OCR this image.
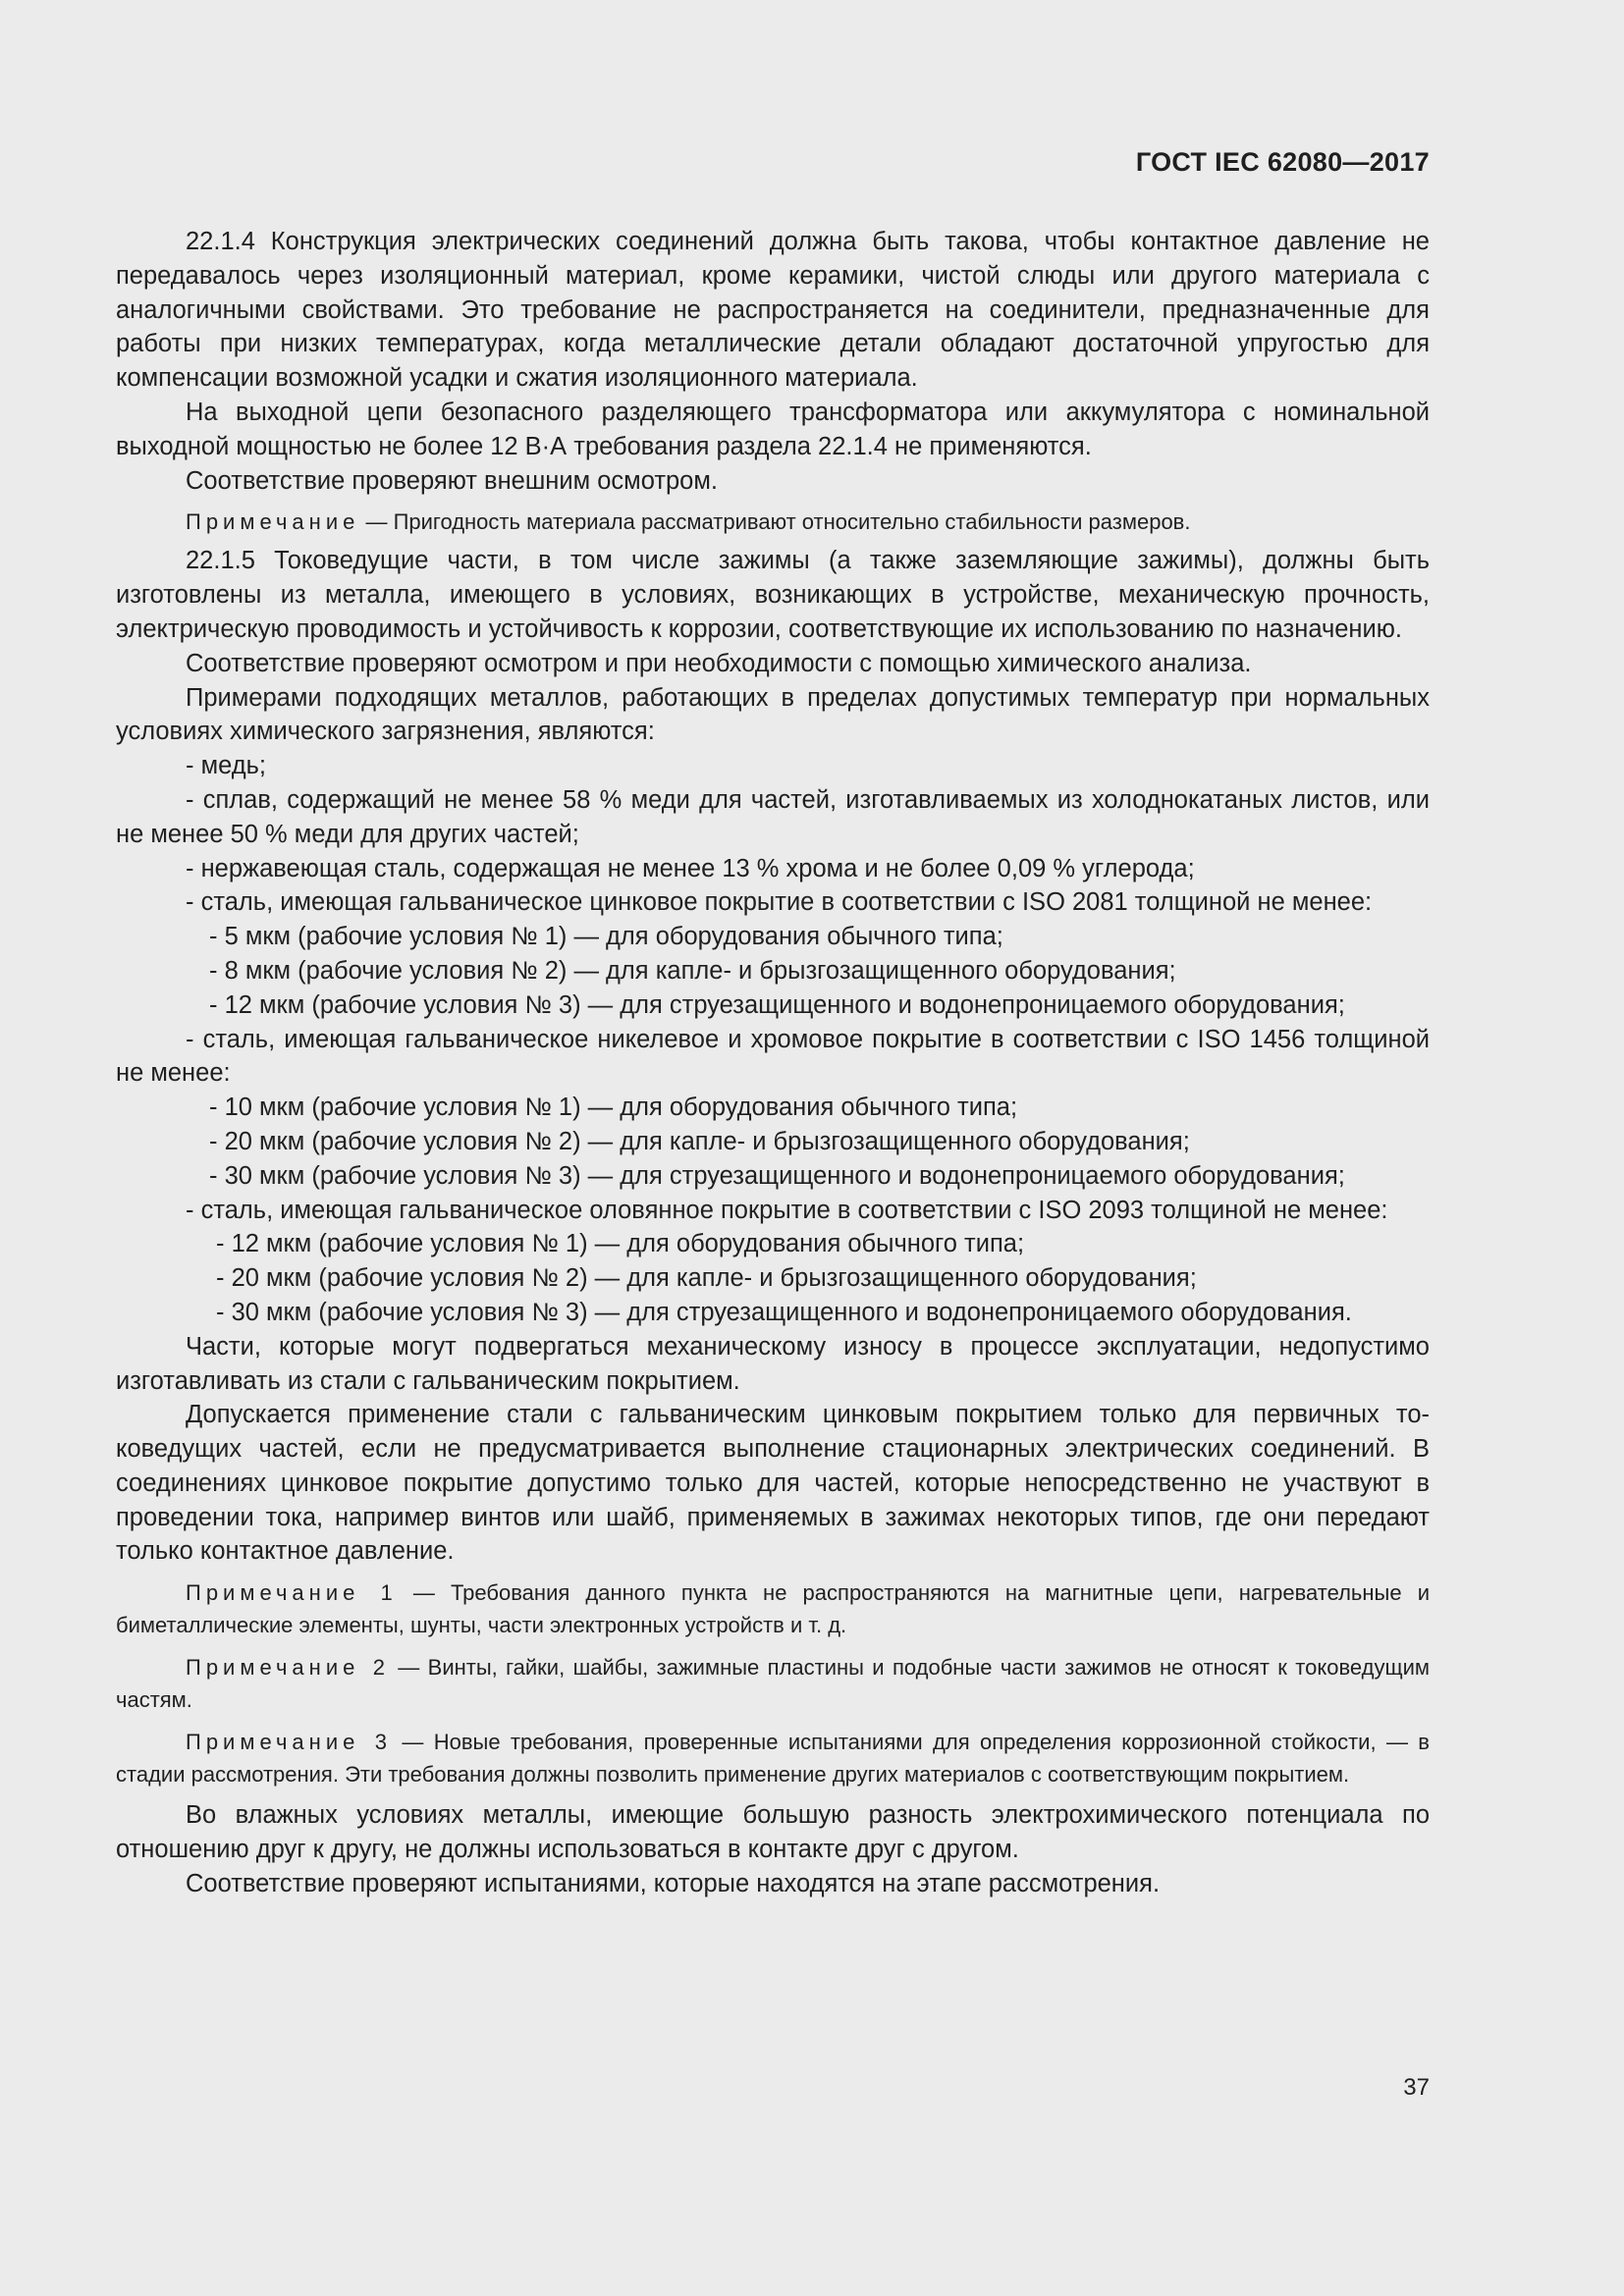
ГОСТ IEC 62080—2017

22.1.4 Конструкция электрических соединений должна быть такова, чтобы контактное давление не передавалось через изоляционный материал, кроме керамики, чистой слюды или другого материала с аналогичными свойствами. Это требование не распространяется на соединители, предназначенные для работы при низких температурах, когда металлические детали обладают достаточной упругостью для компенсации возможной усадки и сжатия изоляционного материала.

На выходной цепи безопасного разделяющего трансформатора или аккумулятора с номинальной выходной мощностью не более 12 В·А требования раздела 22.1.4 не применяются.

Соответствие проверяют внешним осмотром.

Примечание — Пригодность материала рассматривают относительно стабильности размеров.

22.1.5 Токоведущие части, в том числе зажимы (а также заземляющие зажимы), должны быть изготовлены из металла, имеющего в условиях, возникающих в устройстве, механическую прочность, электрическую проводимость и устойчивость к коррозии, соответствующие их использованию по назначению.

Соответствие проверяют осмотром и при необходимости с помощью химического анализа.

Примерами подходящих металлов, работающих в пределах допустимых температур при нормальных условиях химического загрязнения, являются:

- медь;

- сплав, содержащий не менее 58 % меди для частей, изготавливаемых из холоднокатаных листов, или не менее 50 % меди для других частей;

- нержавеющая сталь, содержащая не менее 13 % хрома и не более 0,09 % углерода;

- сталь, имеющая гальваническое цинковое покрытие в соответствии с ISO 2081 толщиной не менее:

- 5 мкм (рабочие условия № 1) — для оборудования обычного типа;

- 8 мкм (рабочие условия № 2) — для капле- и брызгозащищенного оборудования;

- 12 мкм (рабочие условия № 3) — для струезащищенного и водонепроницаемого оборудования;

- сталь, имеющая гальваническое никелевое и хромовое покрытие в соответствии с ISO 1456 толщиной не менее:

- 10 мкм (рабочие условия № 1) — для оборудования обычного типа;

- 20 мкм (рабочие условия № 2) — для капле- и брызгозащищенного оборудования;

- 30 мкм (рабочие условия № 3) — для струезащищенного и водонепроницаемого оборудования;

- сталь, имеющая гальваническое оловянное покрытие в соответствии с ISO 2093 толщиной не менее:

- 12 мкм (рабочие условия № 1) — для оборудования обычного типа;

- 20 мкм (рабочие условия № 2) — для капле- и брызгозащищенного оборудования;

- 30 мкм (рабочие условия № 3) — для струезащищенного и водонепроницаемого оборудования.

Части, которые могут подвергаться механическому износу в процессе эксплуатации, недопустимо изготавливать из стали с гальваническим покрытием.

Допускается применение стали с гальваническим цинковым покрытием только для первичных токоведущих частей, если не предусматривается выполнение стационарных электрических соединений. В соединениях цинковое покрытие допустимо только для частей, которые непосредственно не участвуют в проведении тока, например винтов или шайб, применяемых в зажимах некоторых типов, где они передают только контактное давление.

Примечание 1 — Требования данного пункта не распространяются на магнитные цепи, нагревательные и биметаллические элементы, шунты, части электронных устройств и т. д.

Примечание 2 — Винты, гайки, шайбы, зажимные пластины и подобные части зажимов не относят к токоведущим частям.

Примечание 3 — Новые требования, проверенные испытаниями для определения коррозионной стойкости, — в стадии рассмотрения. Эти требования должны позволить применение других материалов с соответствующим покрытием.

Во влажных условиях металлы, имеющие большую разность электрохимического потенциала по отношению друг к другу, не должны использоваться в контакте друг с другом.

Соответствие проверяют испытаниями, которые находятся на этапе рассмотрения.

37
